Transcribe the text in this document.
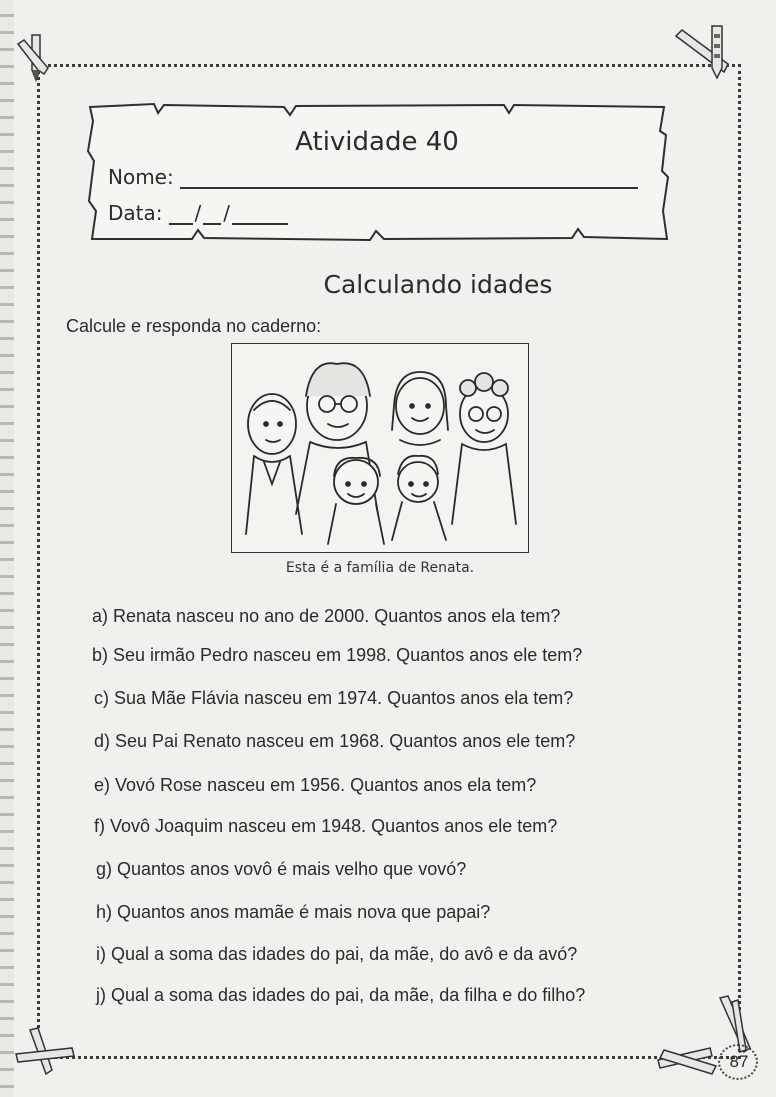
Atividade 40
Nome:
Data: / /
Calculando idades
Calcule e responda no caderno:
Esta é a família de Renata.
a) Renata nasceu no ano de 2000. Quantos anos ela tem?
b) Seu irmão Pedro nasceu em 1998. Quantos anos ele tem?
c) Sua Mãe Flávia nasceu em 1974. Quantos anos ela tem?
d) Seu Pai Renato nasceu em 1968. Quantos anos ele tem?
e) Vovó Rose nasceu em 1956. Quantos anos ela tem?
f) Vovô Joaquim nasceu em 1948. Quantos anos ele tem?
g) Quantos anos vovô é mais velho que vovó?
h) Quantos anos mamãe é mais nova que papai?
i) Qual a soma das idades do pai, da mãe, do avô e da avó?
j) Qual a soma das idades do pai, da mãe, da filha e do filho?
87
